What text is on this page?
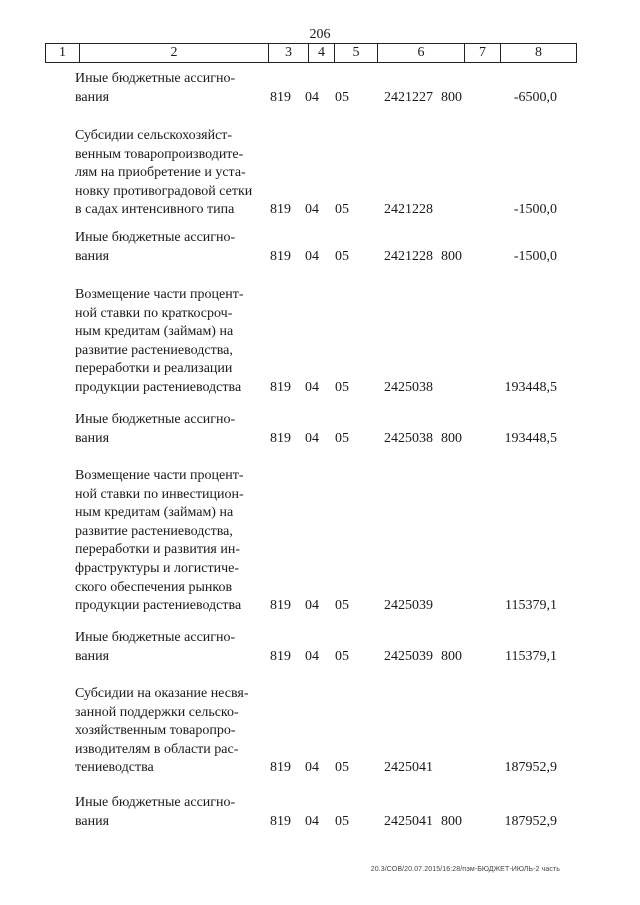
206
1	2	3	4	5	6	7	8
Иные бюджетные ассигно-
вания	819 04 05	2421227 800	-6500,0
Субсидии сельскохозяйст-
венным товаропроизводите-
лям на приобретение и уста-
новку противоградовой сетки
в садах интенсивного типа	819 04 05	2421228	-1500,0
Иные бюджетные ассигно-
вания	819 04 05	2421228 800	-1500,0
Возмещение части процент-
ной ставки по краткосроч-
ным кредитам (займам) на
развитие растениеводства,
переработки и реализации
продукции растениеводства	819 04 05	2425038	193448,5
Иные бюджетные ассигно-
вания	819 04 05	2425038 800	193448,5
Возмещение части процент-
ной ставки по инвестицион-
ным кредитам (займам) на
развитие растениеводства,
переработки и развития ин-
фраструктуры и логистиче-
ского обеспечения рынков
продукции растениеводства	819 04 05	2425039	115379,1
Иные бюджетные ассигно-
вания	819 04 05	2425039 800	115379,1
Субсидии на оказание несвя-
занной поддержки сельско-
хозяйственным товаропро-
изводителям в области рас-
тениеводства	819 04 05	2425041	187952,9
Иные бюджетные ассигно-
вания	819 04 05	2425041 800	187952,9
20.3/СОВ/20.07.2015/16:28/пэм-БЮДЖЕТ-ИЮЛЬ-2 часть
